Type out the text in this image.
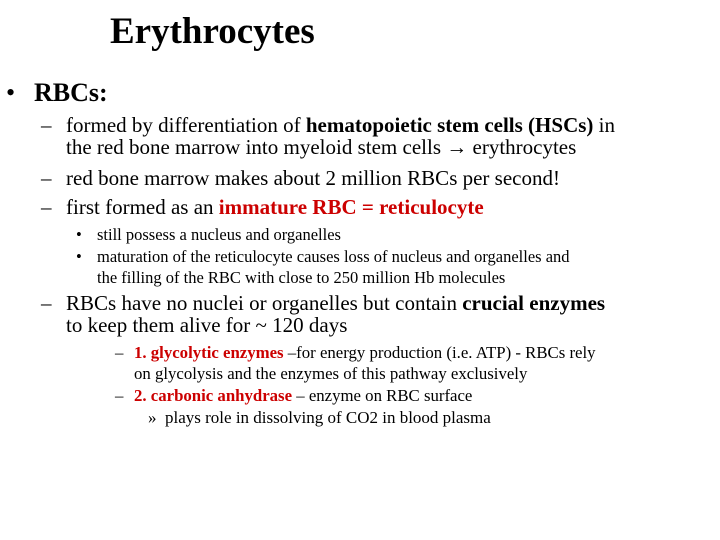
Erythrocytes
• RBCs:
– formed by differentiation of hematopoietic stem cells (HSCs) in
the red bone marrow into myeloid stem cells → erythrocytes
– red bone marrow makes about 2 million RBCs per second!
– first formed as an immature RBC = reticulocyte
• still possess a nucleus and organelles
• maturation of the reticulocyte causes loss of nucleus and organelles and
the filling of the RBC with close to 250 million Hb molecules
– RBCs have no nuclei or organelles but contain crucial enzymes
to keep them alive for ~ 120 days
– 1. glycolytic enzymes –for energy production (i.e. ATP) - RBCs rely
on glycolysis and the enzymes of this pathway exclusively
– 2. carbonic anhydrase – enzyme on RBC surface
» plays role in dissolving of CO2 in blood plasma
